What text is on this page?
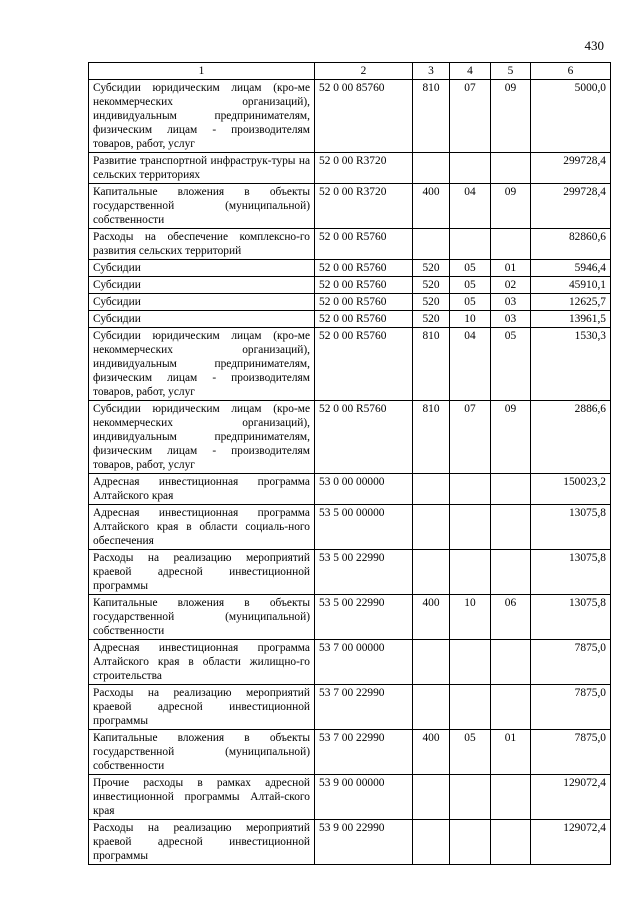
430
1	2	3	4	5	6
Субсидии юридическим лицам (кро-ме некоммерческих организаций), индивидуальным предпринимателям, физическим лицам - производителям товаров, работ, услуг	52 0 00 85760	810	07	09	5000,0
Развитие транспортной инфраструк-туры на сельских территориях	52 0 00 R3720				299728,4
Капитальные вложения в объекты государственной (муниципальной) собственности	52 0 00 R3720	400	04	09	299728,4
Расходы на обеспечение комплексно-го развития сельских территорий	52 0 00 R5760				82860,6
Субсидии	52 0 00 R5760	520	05	01	5946,4
Субсидии	52 0 00 R5760	520	05	02	45910,1
Субсидии	52 0 00 R5760	520	05	03	12625,7
Субсидии	52 0 00 R5760	520	10	03	13961,5
Субсидии юридическим лицам (кро-ме некоммерческих организаций), индивидуальным предпринимателям, физическим лицам - производителям товаров, работ, услуг	52 0 00 R5760	810	04	05	1530,3
Субсидии юридическим лицам (кро-ме некоммерческих организаций), индивидуальным предпринимателям, физическим лицам - производителям товаров, работ, услуг	52 0 00 R5760	810	07	09	2886,6
Адресная инвестиционная программа Алтайского края	53 0 00 00000				150023,2
Адресная инвестиционная программа Алтайского края в области социаль-ного обеспечения	53 5 00 00000				13075,8
Расходы на реализацию мероприятий краевой адресной инвестиционной программы	53 5 00 22990				13075,8
Капитальные вложения в объекты государственной (муниципальной) собственности	53 5 00 22990	400	10	06	13075,8
Адресная инвестиционная программа Алтайского края в области жилищно-го строительства	53 7 00 00000				7875,0
Расходы на реализацию мероприятий краевой адресной инвестиционной программы	53 7 00 22990				7875,0
Капитальные вложения в объекты государственной (муниципальной) собственности	53 7 00 22990	400	05	01	7875,0
Прочие расходы в рамках адресной инвестиционной программы Алтай-ского края	53 9 00 00000				129072,4
Расходы на реализацию мероприятий краевой адресной инвестиционной программы	53 9 00 22990				129072,4
